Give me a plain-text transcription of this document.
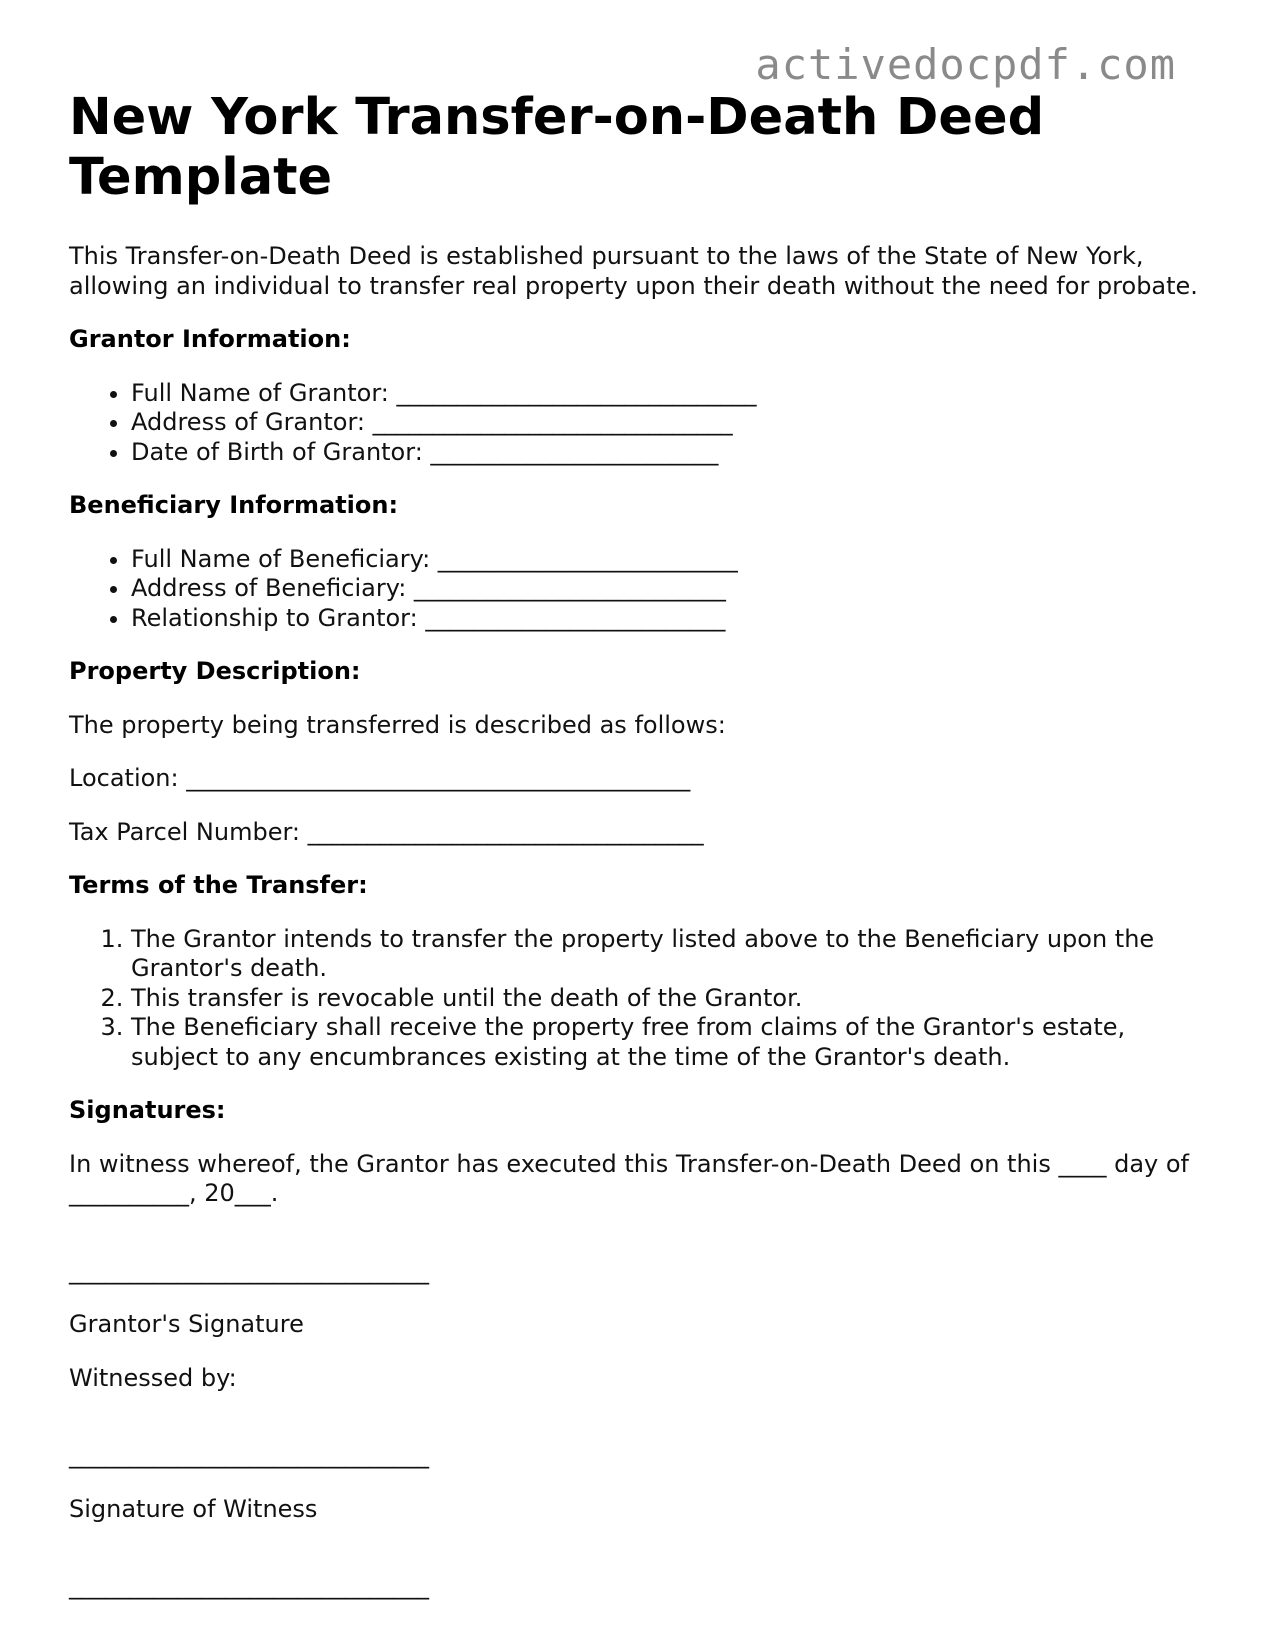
activedocpdf.com
New York Transfer-on-Death Deed Template

This Transfer-on-Death Deed is established pursuant to the laws of the State of New York, allowing an individual to transfer real property upon their death without the need for probate.

Grantor Information:
• Full Name of Grantor: ______________________________
• Address of Grantor: ______________________________
• Date of Birth of Grantor: ________________________
Beneficiary Information:
• Full Name of Beneficiary: _________________________
• Address of Beneficiary: __________________________
• Relationship to Grantor: _________________________
Property Description:

The property being transferred is described as follows:

Location: __________________________________________

Tax Parcel Number: _________________________________

Terms of the Transfer:
1. The Grantor intends to transfer the property listed above to the Beneficiary upon the Grantor's death.
2. This transfer is revocable until the death of the Grantor.
3. The Beneficiary shall receive the property free from claims of the Grantor's estate, subject to any encumbrances existing at the time of the Grantor's death.
Signatures:

In witness whereof, the Grantor has executed this Transfer-on-Death Deed on this ____ day of __________, 20___.

______________________________

Grantor's Signature

Witnessed by:

______________________________

Signature of Witness

______________________________
